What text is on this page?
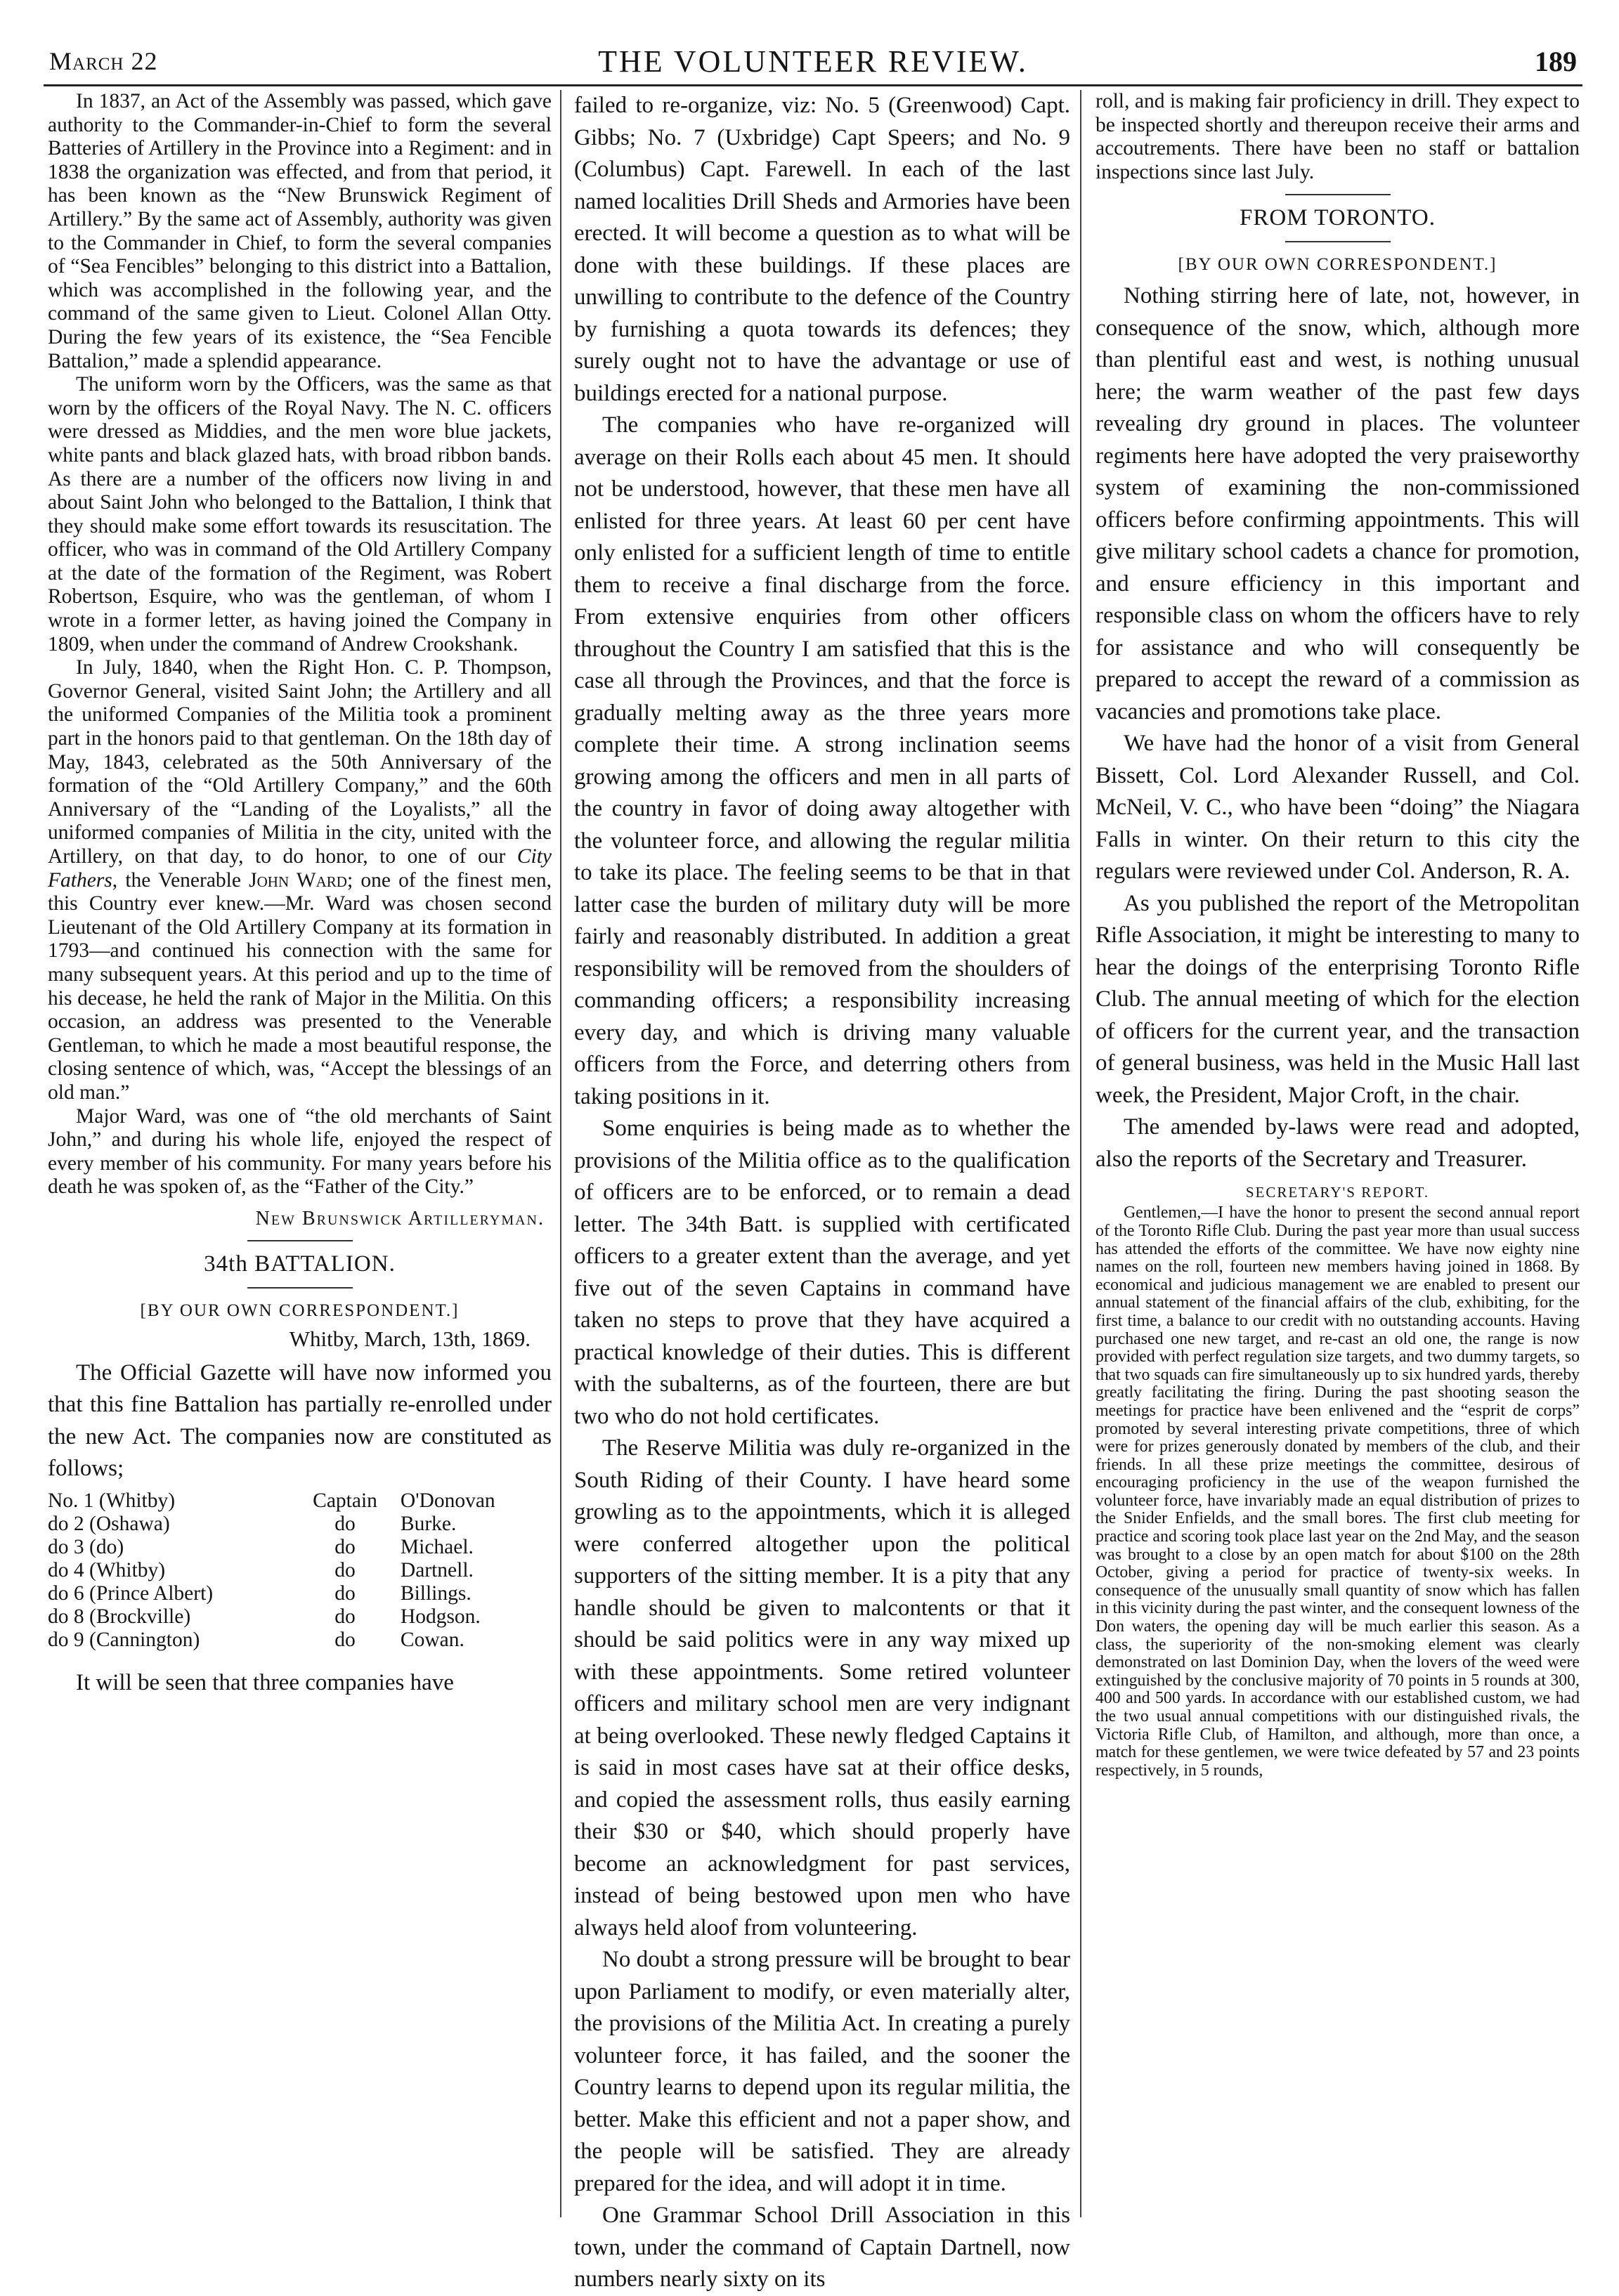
March 22	THE VOLUNTEER REVIEW.	189

In 1837, an Act of the Assembly was passed, which gave authority to the Commander-in-Chief to form the several Batteries of Artillery in the Province into a Regiment: and in 1838 the organization was effected, and from that period, it has been known as the “New Brunswick Regiment of Artillery.” By the same act of Assembly, authority was given to the Commander in Chief, to form the several companies of “Sea Fencibles” belonging to this district into a Battalion, which was accomplished in the following year, and the command of the same given to Lieut. Colonel Allan Otty. During the few years of its existence, the “Sea Fencible Battalion,” made a splendid appearance.

The uniform worn by the Officers, was the same as that worn by the officers of the Royal Navy. The N. C. officers were dressed as Middies, and the men wore blue jackets, white pants and black glazed hats, with broad ribbon bands. As there are a number of the officers now living in and about Saint John who belonged to the Battalion, I think that they should make some effort towards its resuscitation. The officer, who was in command of the Old Artillery Company at the date of the formation of the Regiment, was Robert Robertson, Esquire, who was the gentleman, of whom I wrote in a former letter, as having joined the Company in 1809, when under the command of Andrew Crookshank.

In July, 1840, when the Right Hon. C. P. Thompson, Governor General, visited Saint John; the Artillery and all the uniformed Companies of the Militia took a prominent part in the honors paid to that gentleman. On the 18th day of May, 1843, celebrated as the 50th Anniversary of the formation of the “Old Artillery Company,” and the 60th Anniversary of the “Landing of the Loyalists,” all the uniformed companies of Militia in the city, united with the Artillery, on that day, to do honor, to one of our City Fathers, the Venerable John Ward; one of the finest men, this Country ever knew.—Mr. Ward was chosen second Lieutenant of the Old Artillery Company at its formation in 1793—and continued his connection with the same for many subsequent years. At this period and up to the time of his decease, he held the rank of Major in the Militia. On this occasion, an address was presented to the Venerable Gentleman, to which he made a most beautiful response, the closing sentence of which, was, “Accept the blessings of an old man.”

Major Ward, was one of “the old merchants of Saint John,” and during his whole life, enjoyed the respect of every member of his community. For many years before his death he was spoken of, as the “Father of the City.”

New Brunswick Artilleryman.
34th BATTALION.
[BY OUR OWN CORRESPONDENT.]
Whitby, March, 13th, 1869.

The Official Gazette will have now informed you that this fine Battalion has partially re-enrolled under the new Act. The companies now are constituted as follows;

No. 1 (Whitby)	Captain	O'Donovan
do 2 (Oshawa)	do	Burke.
do 3 (do)	do	Michael.
do 4 (Whitby)	do	Dartnell.
do 6 (Prince Albert)	do	Billings.
do 8 (Brockville)	do	Hodgson.
do 9 (Cannington)	do	Cowan.

It will be seen that three companies have

failed to re-organize, viz: No. 5 (Greenwood) Capt. Gibbs; No. 7 (Uxbridge) Capt Speers; and No. 9 (Columbus) Capt. Farewell. In each of the last named localities Drill Sheds and Armories have been erected. It will become a question as to what will be done with these buildings. If these places are unwilling to contribute to the defence of the Country by furnishing a quota towards its defences; they surely ought not to have the advantage or use of buildings erected for a national purpose.

The companies who have re-organized will average on their Rolls each about 45 men. It should not be understood, however, that these men have all enlisted for three years. At least 60 per cent have only enlisted for a sufficient length of time to entitle them to receive a final discharge from the force. From extensive enquiries from other officers throughout the Country I am satisfied that this is the case all through the Provinces, and that the force is gradually melting away as the three years more complete their time. A strong inclination seems growing among the officers and men in all parts of the country in favor of doing away altogether with the volunteer force, and allowing the regular militia to take its place. The feeling seems to be that in that latter case the burden of military duty will be more fairly and reasonably distributed. In addition a great responsibility will be removed from the shoulders of commanding officers; a responsibility increasing every day, and which is driving many valuable officers from the Force, and deterring others from taking positions in it.

Some enquiries is being made as to whether the provisions of the Militia office as to the qualification of officers are to be enforced, or to remain a dead letter. The 34th Batt. is supplied with certificated officers to a greater extent than the average, and yet five out of the seven Captains in command have taken no steps to prove that they have acquired a practical knowledge of their duties. This is different with the subalterns, as of the fourteen, there are but two who do not hold certificates.

The Reserve Militia was duly re-organized in the South Riding of their County. I have heard some growling as to the appointments, which it is alleged were conferred altogether upon the political supporters of the sitting member. It is a pity that any handle should be given to malcontents or that it should be said politics were in any way mixed up with these appointments. Some retired volunteer officers and military school men are very indignant at being overlooked. These newly fledged Captains it is said in most cases have sat at their office desks, and copied the assessment rolls, thus easily earning their $30 or $40, which should properly have become an acknowledgment for past services, instead of being bestowed upon men who have always held aloof from volunteering.

No doubt a strong pressure will be brought to bear upon Parliament to modify, or even materially alter, the provisions of the Militia Act. In creating a purely volunteer force, it has failed, and the sooner the Country learns to depend upon its regular militia, the better. Make this efficient and not a paper show, and the people will be satisfied. They are already prepared for the idea, and will adopt it in time.

One Grammar School Drill Association in this town, under the command of Captain Dartnell, now numbers nearly sixty on its

roll, and is making fair proficiency in drill. They expect to be inspected shortly and thereupon receive their arms and accoutrements. There have been no staff or battalion inspections since last July.

FROM TORONTO.
[BY OUR OWN CORRESPONDENT.]

Nothing stirring here of late, not, however, in consequence of the snow, which, although more than plentiful east and west, is nothing unusual here; the warm weather of the past few days revealing dry ground in places. The volunteer regiments here have adopted the very praiseworthy system of examining the non-commissioned officers before confirming appointments. This will give military school cadets a chance for promotion, and ensure efficiency in this important and responsible class on whom the officers have to rely for assistance and who will consequently be prepared to accept the reward of a commission as vacancies and promotions take place.

We have had the honor of a visit from General Bissett, Col. Lord Alexander Russell, and Col. McNeil, V. C., who have been “doing” the Niagara Falls in winter. On their return to this city the regulars were reviewed under Col. Anderson, R. A.

As you published the report of the Metropolitan Rifle Association, it might be interesting to many to hear the doings of the enterprising Toronto Rifle Club. The annual meeting of which for the election of officers for the current year, and the transaction of general business, was held in the Music Hall last week, the President, Major Croft, in the chair.

The amended by-laws were read and adopted, also the reports of the Secretary and Treasurer.

SECRETARY'S REPORT.

Gentlemen,—I have the honor to present the second annual report of the Toronto Rifle Club. During the past year more than usual success has attended the efforts of the committee. We have now eighty nine names on the roll, fourteen new members having joined in 1868. By economical and judicious management we are enabled to present our annual statement of the financial affairs of the club, exhibiting, for the first time, a balance to our credit with no outstanding accounts. Having purchased one new target, and re-cast an old one, the range is now provided with perfect regulation size targets, and two dummy targets, so that two squads can fire simultaneously up to six hundred yards, thereby greatly facilitating the firing. During the past shooting season the meetings for practice have been enlivened and the “esprit de corps” promoted by several interesting private competitions, three of which were for prizes generously donated by members of the club, and their friends. In all these prize meetings the committee, desirous of encouraging proficiency in the use of the weapon furnished the volunteer force, have invariably made an equal distribution of prizes to the Snider Enfields, and the small bores. The first club meeting for practice and scoring took place last year on the 2nd May, and the season was brought to a close by an open match for about $100 on the 28th October, giving a period for practice of twenty-six weeks. In consequence of the unusually small quantity of snow which has fallen in this vicinity during the past winter, and the consequent lowness of the Don waters, the opening day will be much earlier this season. As a class, the superiority of the non-smoking element was clearly demonstrated on last Dominion Day, when the lovers of the weed were extinguished by the conclusive majority of 70 points in 5 rounds at 300, 400 and 500 yards. In accordance with our established custom, we had the two usual annual competitions with our distinguished rivals, the Victoria Rifle Club, of Hamilton, and although, more than once, a match for these gentlemen, we were twice defeated by 57 and 23 points respectively, in 5 rounds,
